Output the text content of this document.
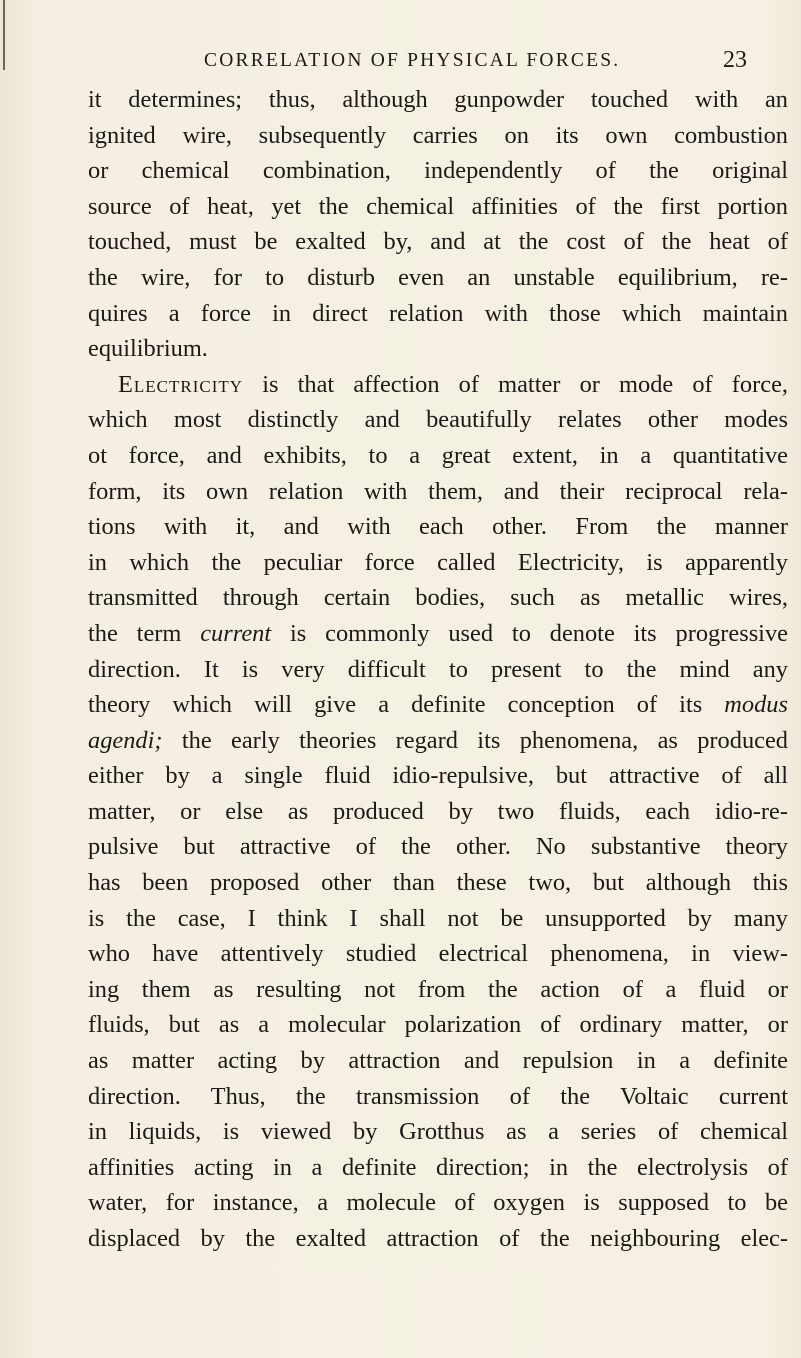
CORRELATION OF PHYSICAL FORCES.	23
it determines; thus, although gunpowder touched with an
ignited wire, subsequently carries on its own combustion
or chemical combination, independently of the original
source of heat, yet the chemical affinities of the first portion
touched, must be exalted by, and at the cost of the heat of
the wire, for to disturb even an unstable equilibrium, re-
quires a force in direct relation with those which maintain
equilibrium.
Electricity is that affection of matter or mode of force,
which most distinctly and beautifully relates other modes
ot force, and exhibits, to a great extent, in a quantitative
form, its own relation with them, and their reciprocal rela-
tions with it, and with each other. From the manner
in which the peculiar force called Electricity, is apparently
transmitted through certain bodies, such as metallic wires,
the term current is commonly used to denote its progressive
direction. It is very difficult to present to the mind any
theory which will give a definite conception of its modus
agendi; the early theories regard its phenomena, as produced
either by a single fluid idio-repulsive, but attractive of all
matter, or else as produced by two fluids, each idio-re-
pulsive but attractive of the other. No substantive theory
has been proposed other than these two, but although this
is the case, I think I shall not be unsupported by many
who have attentively studied electrical phenomena, in view-
ing them as resulting not from the action of a fluid or
fluids, but as a molecular polarization of ordinary matter, or
as matter acting by attraction and repulsion in a definite
direction. Thus, the transmission of the Voltaic current
in liquids, is viewed by Grotthus as a series of chemical
affinities acting in a definite direction; in the electrolysis of
water, for instance, a molecule of oxygen is supposed to be
displaced by the exalted attraction of the neighbouring elec-
